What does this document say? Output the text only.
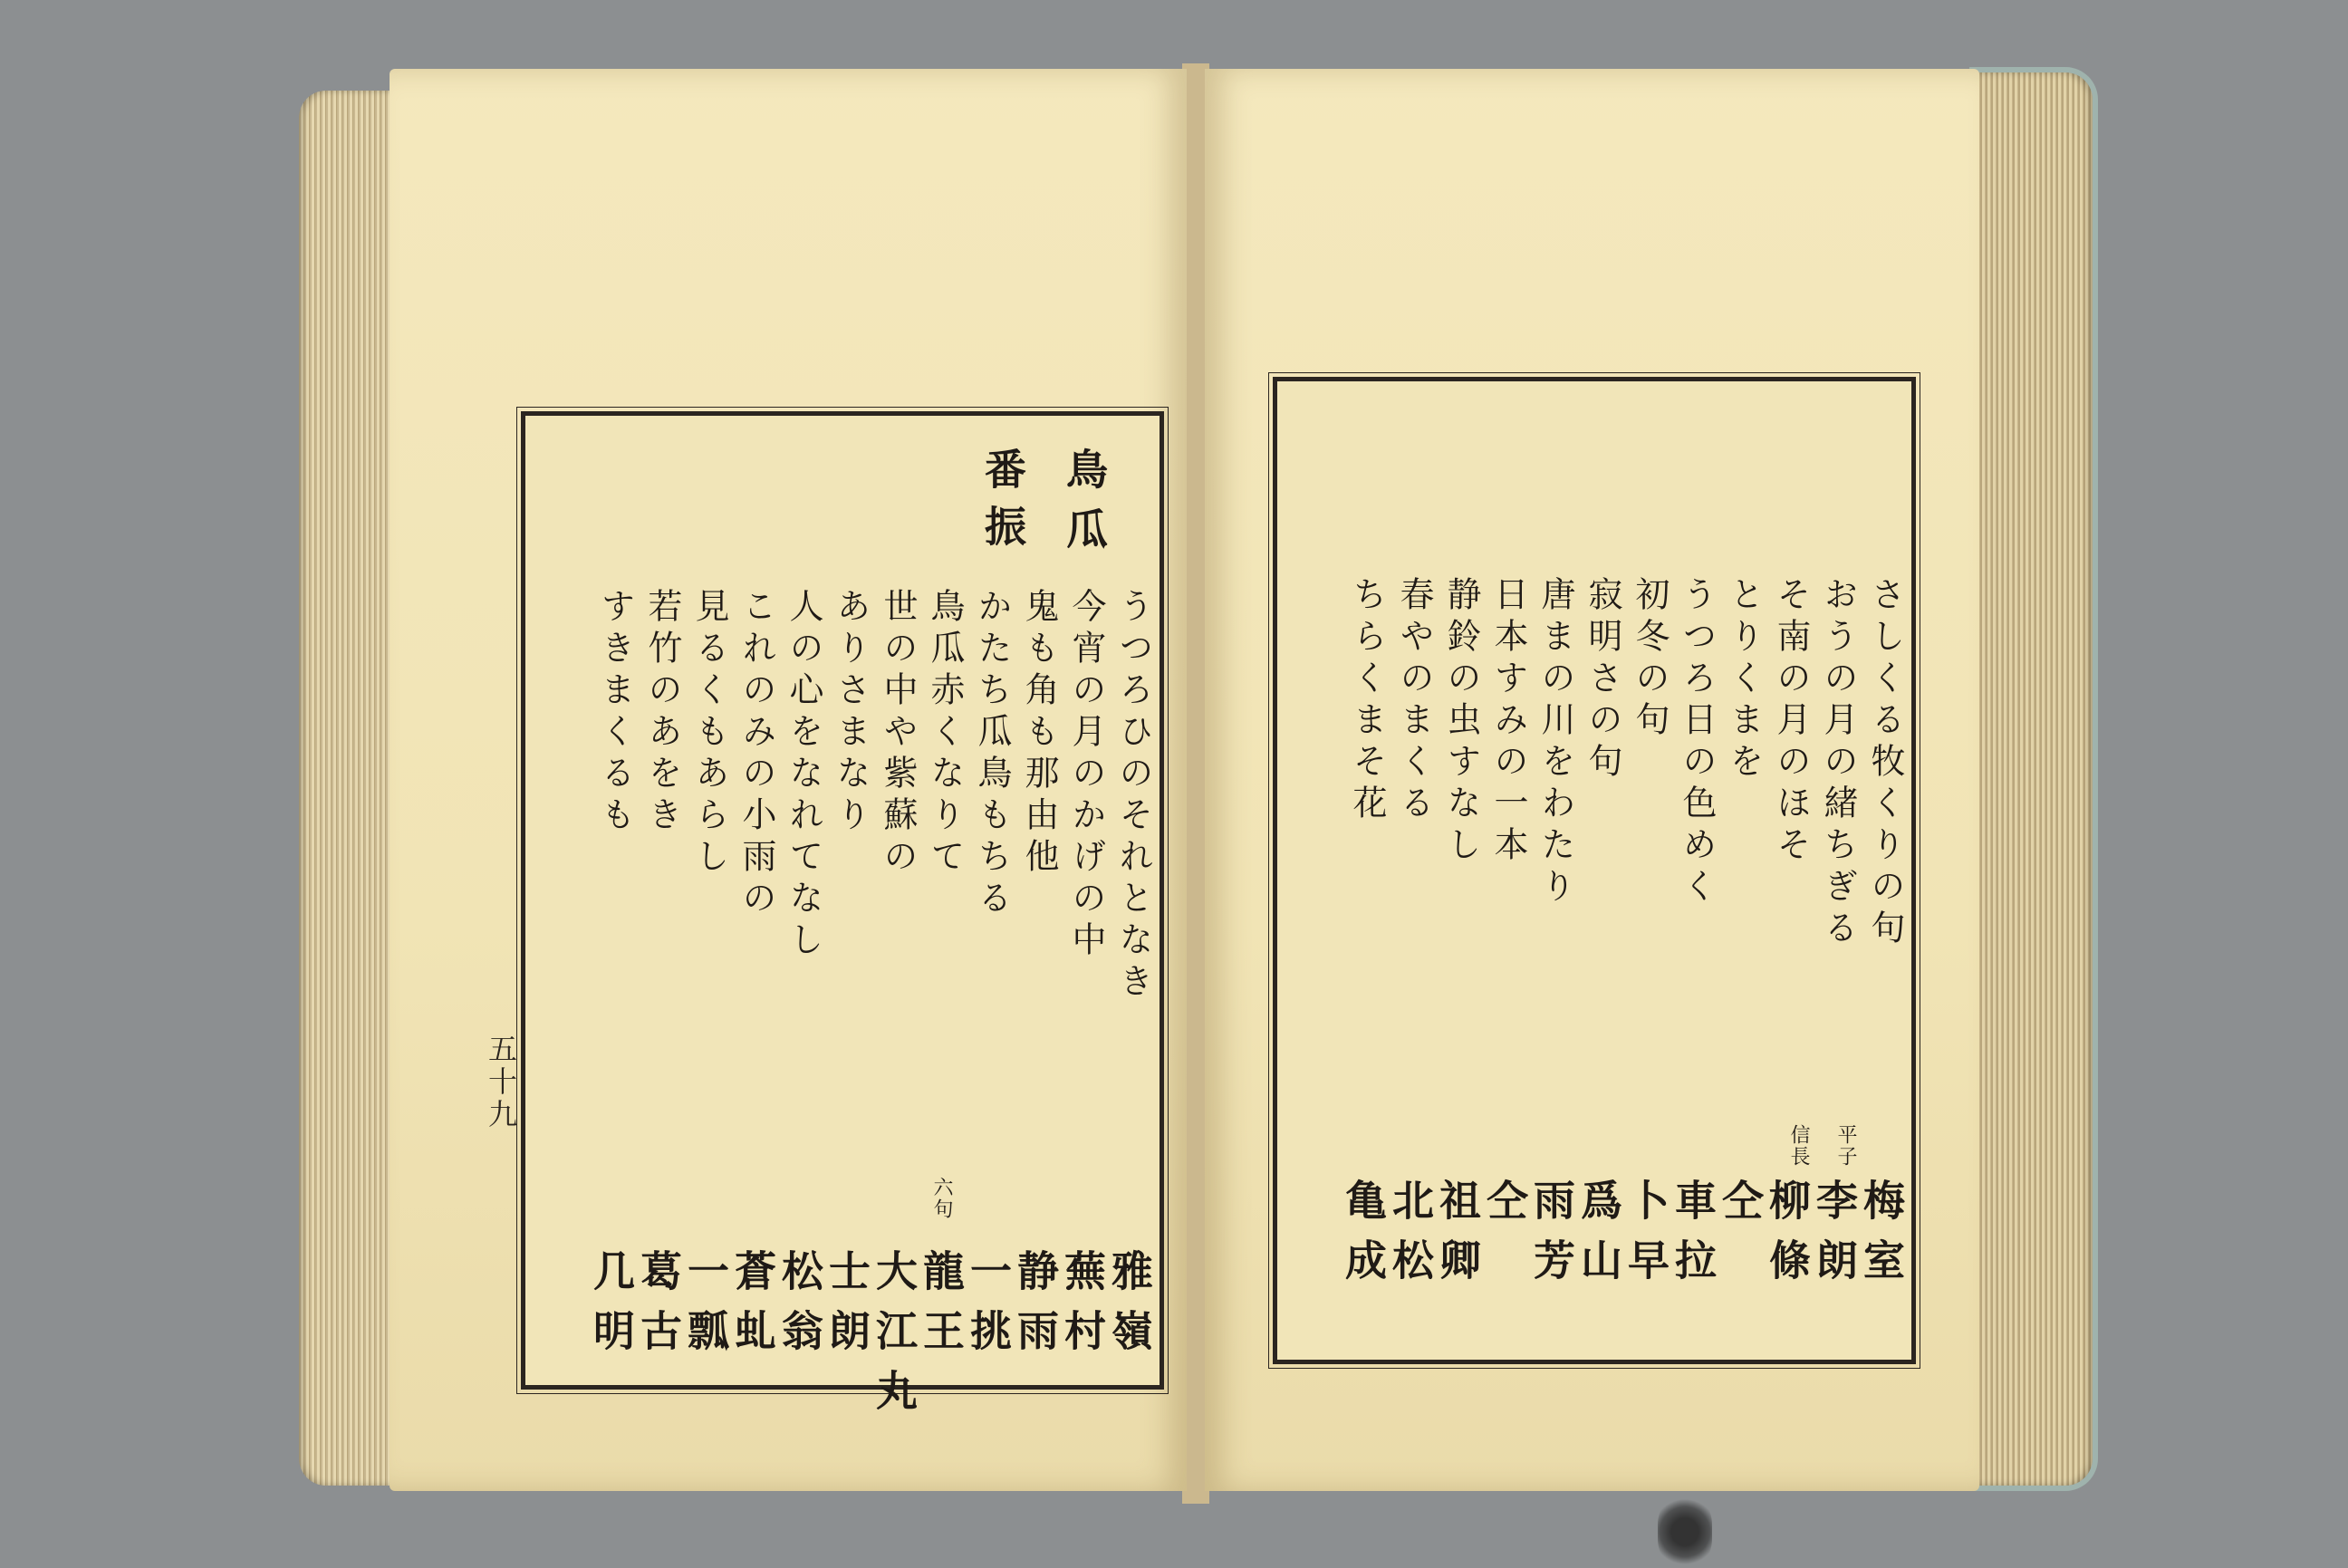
鳥瓜
番
振
うつろひのそれとなき
今宵の月のかげの中
鬼も角も那由他
かたち瓜鳥もちる
鳥瓜赤くなりて
世の中や紫蘇の
ありさまなり
人の心をなれてなし
これのみの小雨の
見るくもあらし
若竹のあをき
すきまくるも
六句
雅嶺
蕪村
静雨
一挑
龍王
大江丸
士朗
松翁
蒼虬
一瓢
葛古
几明
五十九
さしくる牧くりの句
おうの月の緒ちぎる
そ南の月のほそ
とりくまを
うつろ日の色めく
初冬の句
寂明さの句
唐まの川をわたり
日本すみの一本
静鈴の虫すなし
春やのまくる
ちらくまそ花
平子
信長
梅室
李朗
柳條
仝
車拉
卜早
爲山
雨芳
仝
祖卿
北松
亀成
